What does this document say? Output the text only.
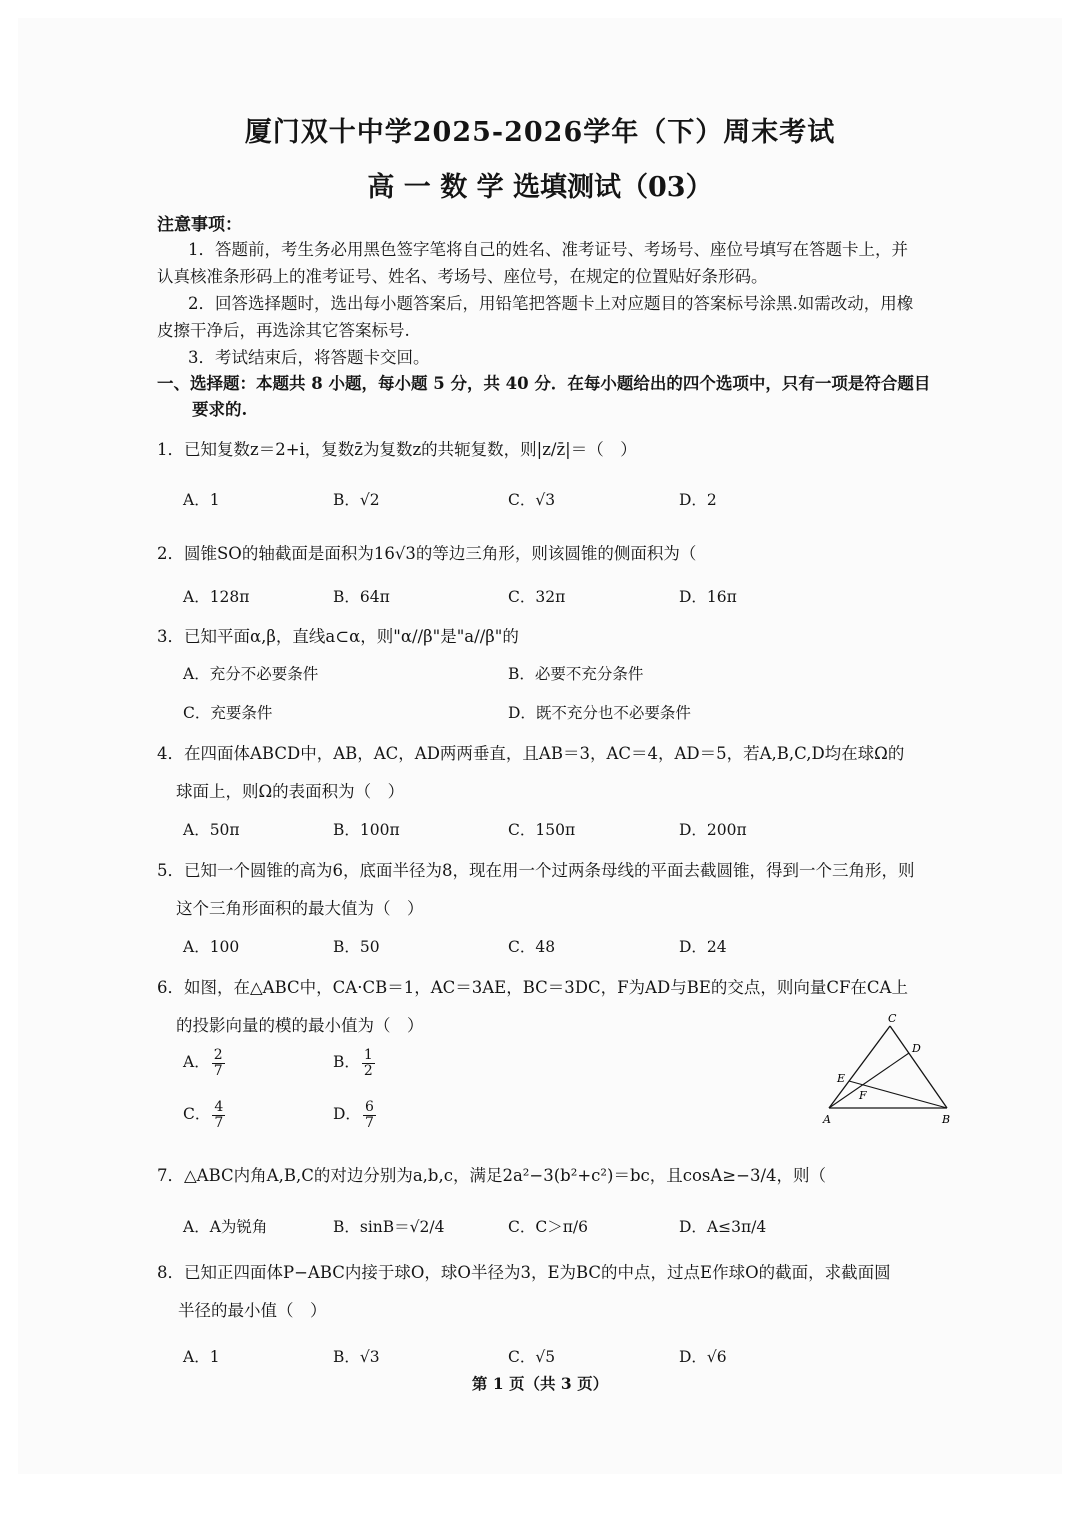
厦门双十中学2025-2026学年（下）周末考试
高 一 数 学 选填测试（03）
注意事项：
1．答题前，考生务必用黑色签字笔将自己的姓名、准考证号、考场号、座位号填写在答题卡上，并
认真核准条形码上的准考证号、姓名、考场号、座位号，在规定的位置贴好条形码。
2．回答选择题时，选出每小题答案后，用铅笔把答题卡上对应题目的答案标号涂黑.如需改动，用橡
皮擦干净后，再选涂其它答案标号.
3．考试结束后，将答题卡交回。
一、选择题：本题共 8 小题，每小题 5 分，共 40 分．在每小题给出的四个选项中，只有一项是符合题目
要求的.
1．已知复数z＝2+i，复数z̄为复数z的共轭复数，则|z/z̄|＝（　）
A．1	B．√2	C．√3	D．2
2．圆锥SO的轴截面是面积为16√3的等边三角形，则该圆锥的侧面积为（
A．128π	B．64π	C．32π	D．16π
3．已知平面α,β，直线a⊂α，则"α//β"是"a//β"的
A．充分不必要条件	B．必要不充分条件
C．充要条件	D．既不充分也不必要条件
4．在四面体ABCD中，AB，AC，AD两两垂直，且AB＝3，AC＝4，AD＝5，若A,B,C,D均在球Ω的
球面上，则Ω的表面积为（　）
A．50π	B．100π	C．150π	D．200π
5．已知一个圆锥的高为6，底面半径为8，现在用一个过两条母线的平面去截圆锥，得到一个三角形，则
这个三角形面积的最大值为（　）
A．100	B．50	C．48	D．24
6．如图，在△ABC中，CA·CB＝1，AC＝3AE，BC＝3DC，F为AD与BE的交点，则向量CF在CA上
的投影向量的模的最小值为（　）
A． $\frac{2}{7}$	B． $\frac{1}{2}$
C． $\frac{4}{7}$	D． $\frac{6}{7}$
C
D
E
F
A	B
7．△ABC内角A,B,C的对边分别为a,b,c，满足2a²−3(b²+c²)＝bc，且cosA≥−3/4，则（
A．A为锐角	B．sinB＝√2/4	C．C＞π/6	D．A≤3π/4
8．已知正四面体P−ABC内接于球O，球O半径为3，E为BC的中点，过点E作球O的截面，求截面圆
半径的最小值（　）
A．1	B．√3	C．√5	D．√6
第 1 页（共 3 页）
